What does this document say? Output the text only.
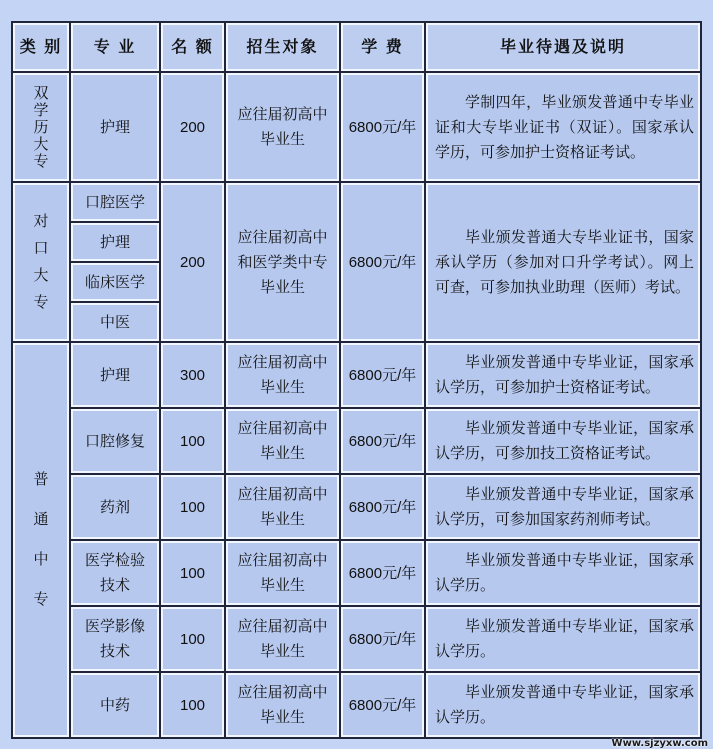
类 别	专 业	名 额	招生对象	学 费	毕业待遇及说明

双学历大专	护理	200	应往届初高中毕业生	6800元/年	学制四年，毕业颁发普通中专毕业证和大专毕业证书（双证）。国家承认学历，可参加护士资格证考试。

对口大专	口腔医学	200	应往届初高中和医学类中专毕业生	6800元/年	毕业颁发普通大专毕业证书，国家承认学历（参加对口升学考试）。网上可查，可参加执业助理（医师）考试。

	护理				

	临床医学				

	中医				

普通中专	护理	300	应往届初高中毕业生	6800元/年	毕业颁发普通中专毕业证，国家承认学历，可参加护士资格证考试。

	口腔修复	100	应往届初高中毕业生	6800元/年	毕业颁发普通中专毕业证，国家承认学历，可参加技工资格证考试。

	药剂	100	应往届初高中毕业生	6800元/年	毕业颁发普通中专毕业证，国家承认学历，可参加国家药剂师考试。

	医学检验技术	100	应往届初高中毕业生	6800元/年	毕业颁发普通中专毕业证，国家承认学历。

	医学影像技术	100	应往届初高中毕业生	6800元/年	毕业颁发普通中专毕业证，国家承认学历。

	中药	100	应往届初高中毕业生	6800元/年	毕业颁发普通中专毕业证，国家承认学历。
Www.sjzyxw.com
